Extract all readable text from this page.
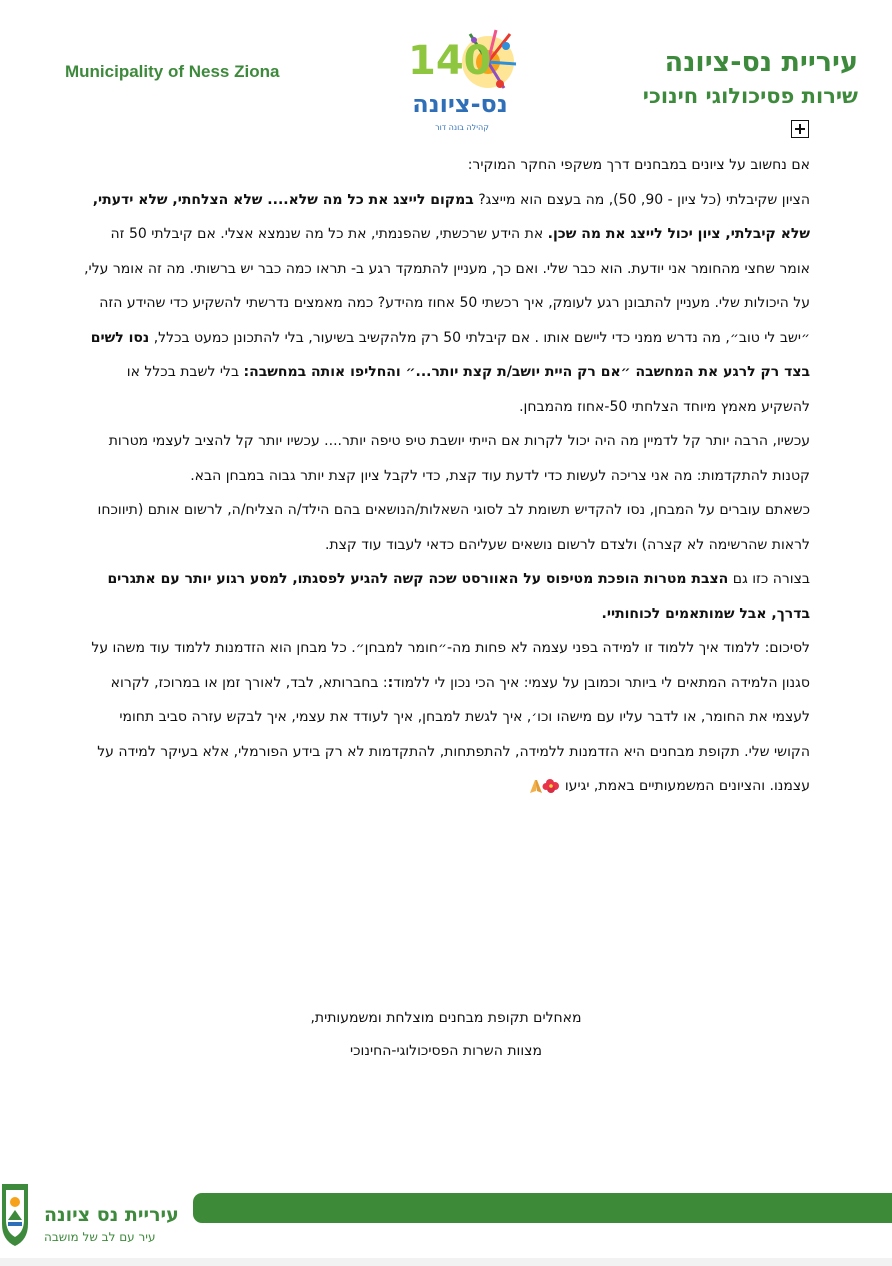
Municipality of Ness Ziona	140
נס-ציונה
קהילה בונה דור
עיריית נס-ציונה
שירות פסיכולוגי חינוכי

אם נחשוב על ציונים במבחנים דרך משקפי החקר המוקיר:

הציון שקיבלתי (כל ציון - 90, 50), מה בעצם הוא מייצג? במקום לייצג את כל מה שלא.... שלא הצלחתי, שלא ידעתי, שלא קיבלתי, ציון יכול לייצג את מה שכן. את הידע שרכשתי, שהפנמתי, את כל מה שנמצא אצלי. אם קיבלתי 50 זה אומר שחצי מהחומר אני יודעת. הוא כבר שלי. ואם כך, מעניין להתמקד רגע ב- תראו כמה כבר יש ברשותי. מה זה אומר עלי, על היכולות שלי. מעניין להתבונן רגע לעומק, איך רכשתי 50 אחוז מהידע? כמה מאמצים נדרשתי להשקיע כדי שהידע הזה ״ישב לי טוב״, מה נדרש ממני כדי ליישם אותו . אם קיבלתי 50 רק מלהקשיב בשיעור, בלי להתכונן כמעט בכלל, נסו לשים בצד רק לרגע את המחשבה ״אם רק היית יושב/ת קצת יותר...״ והחליפו אותה במחשבה: בלי לשבת בכלל או להשקיע מאמץ מיוחד הצלחתי 50-אחוז מהמבחן.

עכשיו, הרבה יותר קל לדמיין מה היה יכול לקרות אם הייתי יושבת טיפ טיפה יותר.... עכשיו יותר קל להציב לעצמי מטרות קטנות להתקדמות: מה אני צריכה לעשות כדי לדעת עוד קצת, כדי לקבל ציון קצת יותר גבוה במבחן הבא.

כשאתם עוברים על המבחן, נסו להקדיש תשומת לב לסוגי השאלות/הנושאים בהם הילד/ה הצליח/ה, לרשום אותם (תיווכחו לראות שהרשימה לא קצרה) ולצדם לרשום נושאים שעליהם כדאי לעבוד עוד קצת.

בצורה כזו גם הצבת מטרות הופכת מטיפוס על האוורסט שכה קשה להגיע לפסגתו, למסע רגוע יותר עם אתגרים בדרך, אבל שמותאמים לכוחותיי.

לסיכום: ללמוד איך ללמוד זו למידה בפני עצמה לא פחות מה-״חומר למבחן״. כל מבחן הוא הזדמנות ללמוד עוד משהו על סגנון הלמידה המתאים לי ביותר וכמובן על עצמי: איך הכי נכון לי ללמוד:: בחברותא, לבד, לאורך זמן או במרוכז, לקרוא לעצמי את החומר, או לדבר עליו עם מישהו וכו׳, איך לגשת למבחן, איך לעודד את עצמי, איך לבקש עזרה סביב תחומי הקושי שלי. תקופת מבחנים היא הזדמנות ללמידה, להתפתחות, להתקדמות לא רק בידע הפורמלי, אלא בעיקר למידה על עצמנו. והציונים המשמעותיים באמת, יגיעו

מאחלים תקופת מבחנים מוצלחת ומשמעותית,
מצוות השרות הפסיכולוגי-החינוכי
עיריית נס ציונה
עיר עם לב של מושבה
